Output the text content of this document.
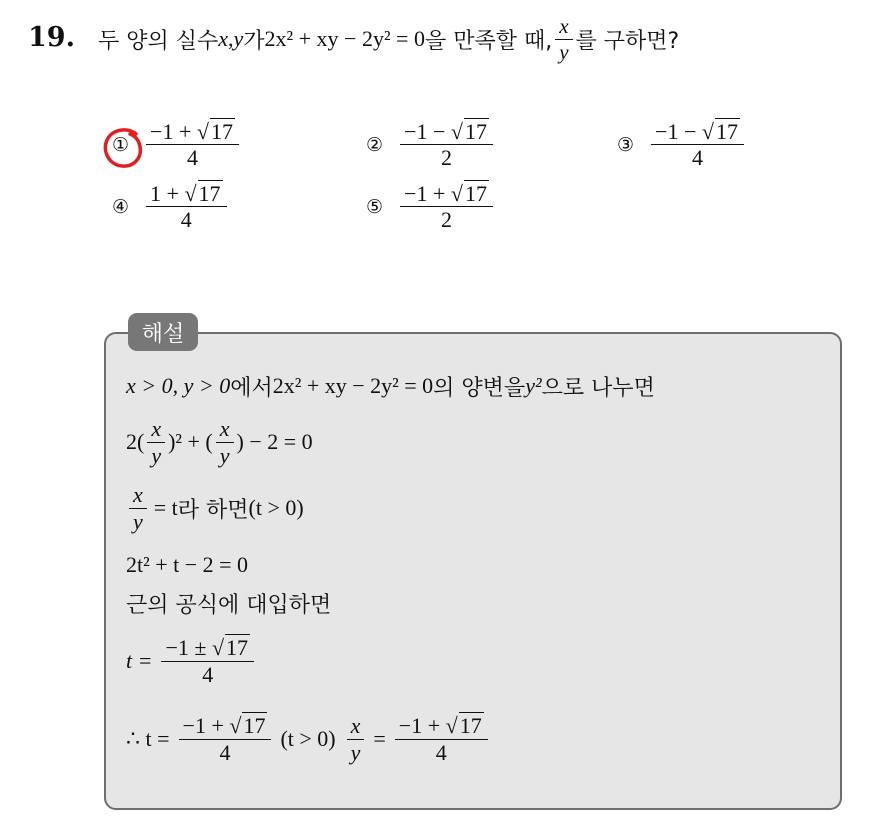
19. 두 양의 실수 x , y 가 2x² + xy − 2y² = 0 을 만족할 때, $\frac{x}{y}$ 를 구하면?
① $\frac{-1 + √17}{4}$	② $\frac{-1 - √17}{2}$	③ $\frac{-1 - √17}{4}$
④ $\frac{1 + √17}{4}$	⑤ $\frac{-1 + √17}{2}$
해설
x > 0, y > 0 에서 2x² + xy − 2y² = 0 의 양변을 y² 으로 나누면
$2( \frac{x}{y} )^2$ + ( $\frac{x}{y}$ ) − 2 = 0
$\frac{x}{y} = t$ 라 하면 (t > 0)
2t² + t − 2 = 0
근의 공식에 대입하면
$t = \frac{-1 \pm √17}{4}$
∴ $t = \frac{-1 + √17}{4} (t > 0) \frac{x}{y} = \frac{-1 + √17}{4}$
